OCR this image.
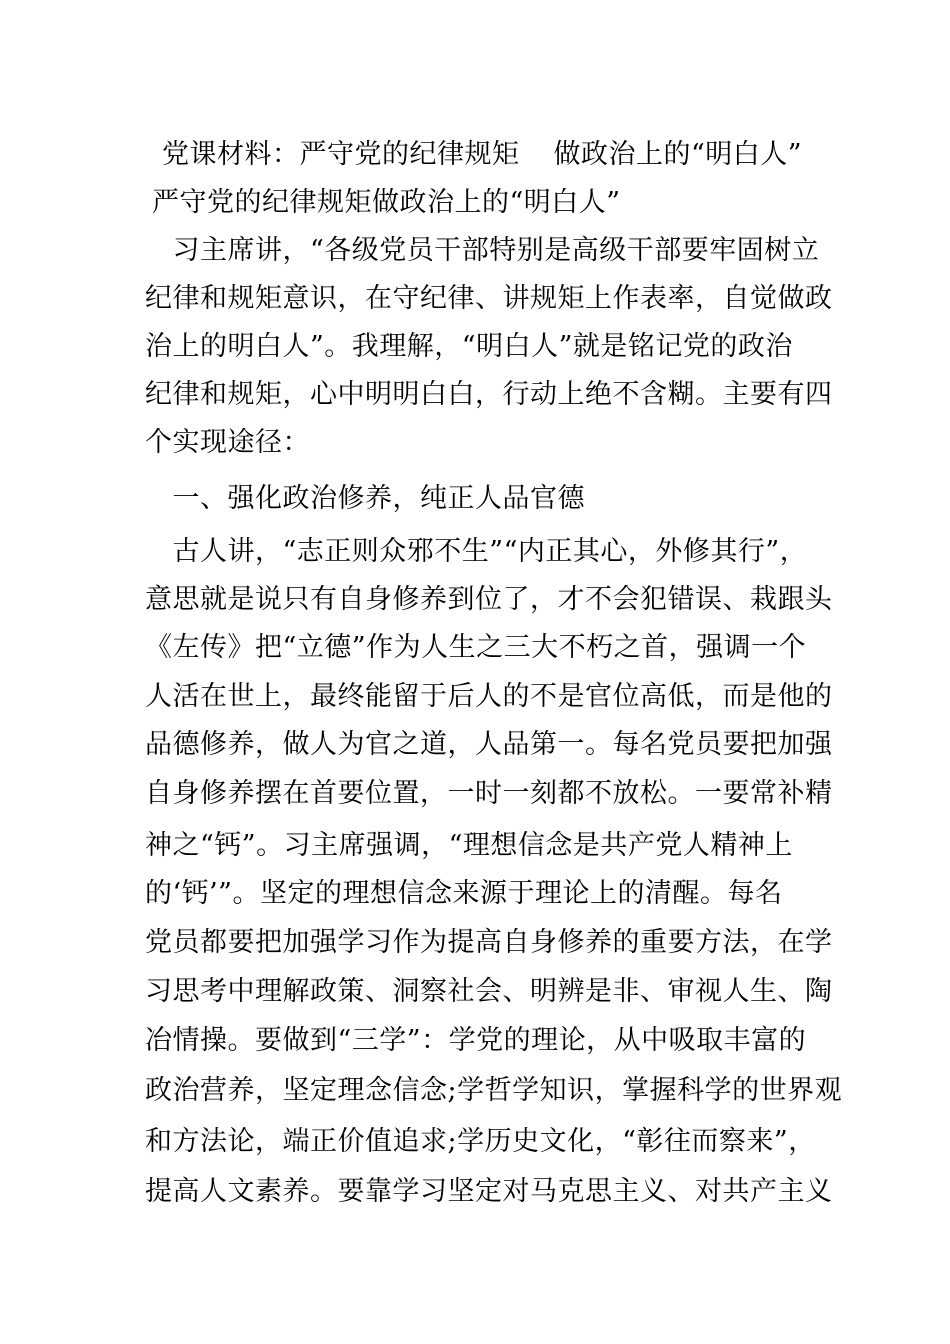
党课材料：严守党的纪律规矩 做政治上的“明白人”
严守党的纪律规矩做政治上的“明白人”
　习主席讲，“各级党员干部特别是高级干部要牢固树立
纪律和规矩意识，在守纪律、讲规矩上作表率，自觉做政
治上的明白人”。我理解，“明白人”就是铭记党的政治
纪律和规矩，心中明明白白，行动上绝不含糊。主要有四
个实现途径：
　一、强化政治修养，纯正人品官德
　古人讲，“志正则众邪不生”“内正其心，外修其行”，
意思就是说只有自身修养到位了，才不会犯错误、栽跟头
《左传》把“立德”作为人生之三大不朽之首，强调一个
人活在世上，最终能留于后人的不是官位高低，而是他的
品德修养，做人为官之道，人品第一。每名党员要把加强
自身修养摆在首要位置，一时一刻都不放松。一要常补精
神之“钙”。习主席强调，“理想信念是共产党人精神上
的‘钙’”。坚定的理想信念来源于理论上的清醒。每名
党员都要把加强学习作为提高自身修养的重要方法，在学
习思考中理解政策、洞察社会、明辨是非、审视人生、陶
冶情操。要做到“三学”：学党的理论，从中吸取丰富的
政治营养，坚定理念信念;学哲学知识，掌握科学的世界观
和方法论，端正价值追求;学历史文化，“彰往而察来”，
提高人文素养。要靠学习坚定对马克思主义、对共产主义
